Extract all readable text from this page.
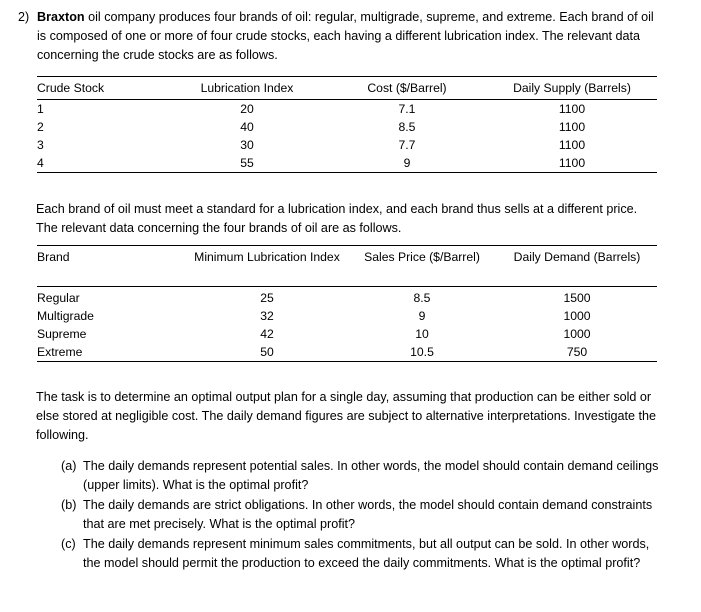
2) Braxton oil company produces four brands of oil: regular, multigrade, supreme, and extreme. Each brand of oil is composed of one or more of four crude stocks, each having a different lubrication index. The relevant data concerning the crude stocks are as follows.
Crude Stock	Lubrication Index	Cost ($/Barrel)	Daily Supply (Barrels)
1	20	7.1	1100
2	40	8.5	1100
3	30	7.7	1100
4	55	9	1100
Each brand of oil must meet a standard for a lubrication index, and each brand thus sells at a different price. The relevant data concerning the four brands of oil are as follows.
Brand	Minimum Lubrication Index	Sales Price ($/Barrel)	Daily Demand (Barrels)
Regular	25	8.5	1500
Multigrade	32	9	1000
Supreme	42	10	1000
Extreme	50	10.5	750
The task is to determine an optimal output plan for a single day, assuming that production can be either sold or else stored at negligible cost. The daily demand figures are subject to alternative interpretations. Investigate the following.
(a) The daily demands represent potential sales. In other words, the model should contain demand ceilings (upper limits). What is the optimal profit?
(b) The daily demands are strict obligations. In other words, the model should contain demand constraints that are met precisely. What is the optimal profit?
(c) The daily demands represent minimum sales commitments, but all output can be sold. In other words, the model should permit the production to exceed the daily commitments. What is the optimal profit?
